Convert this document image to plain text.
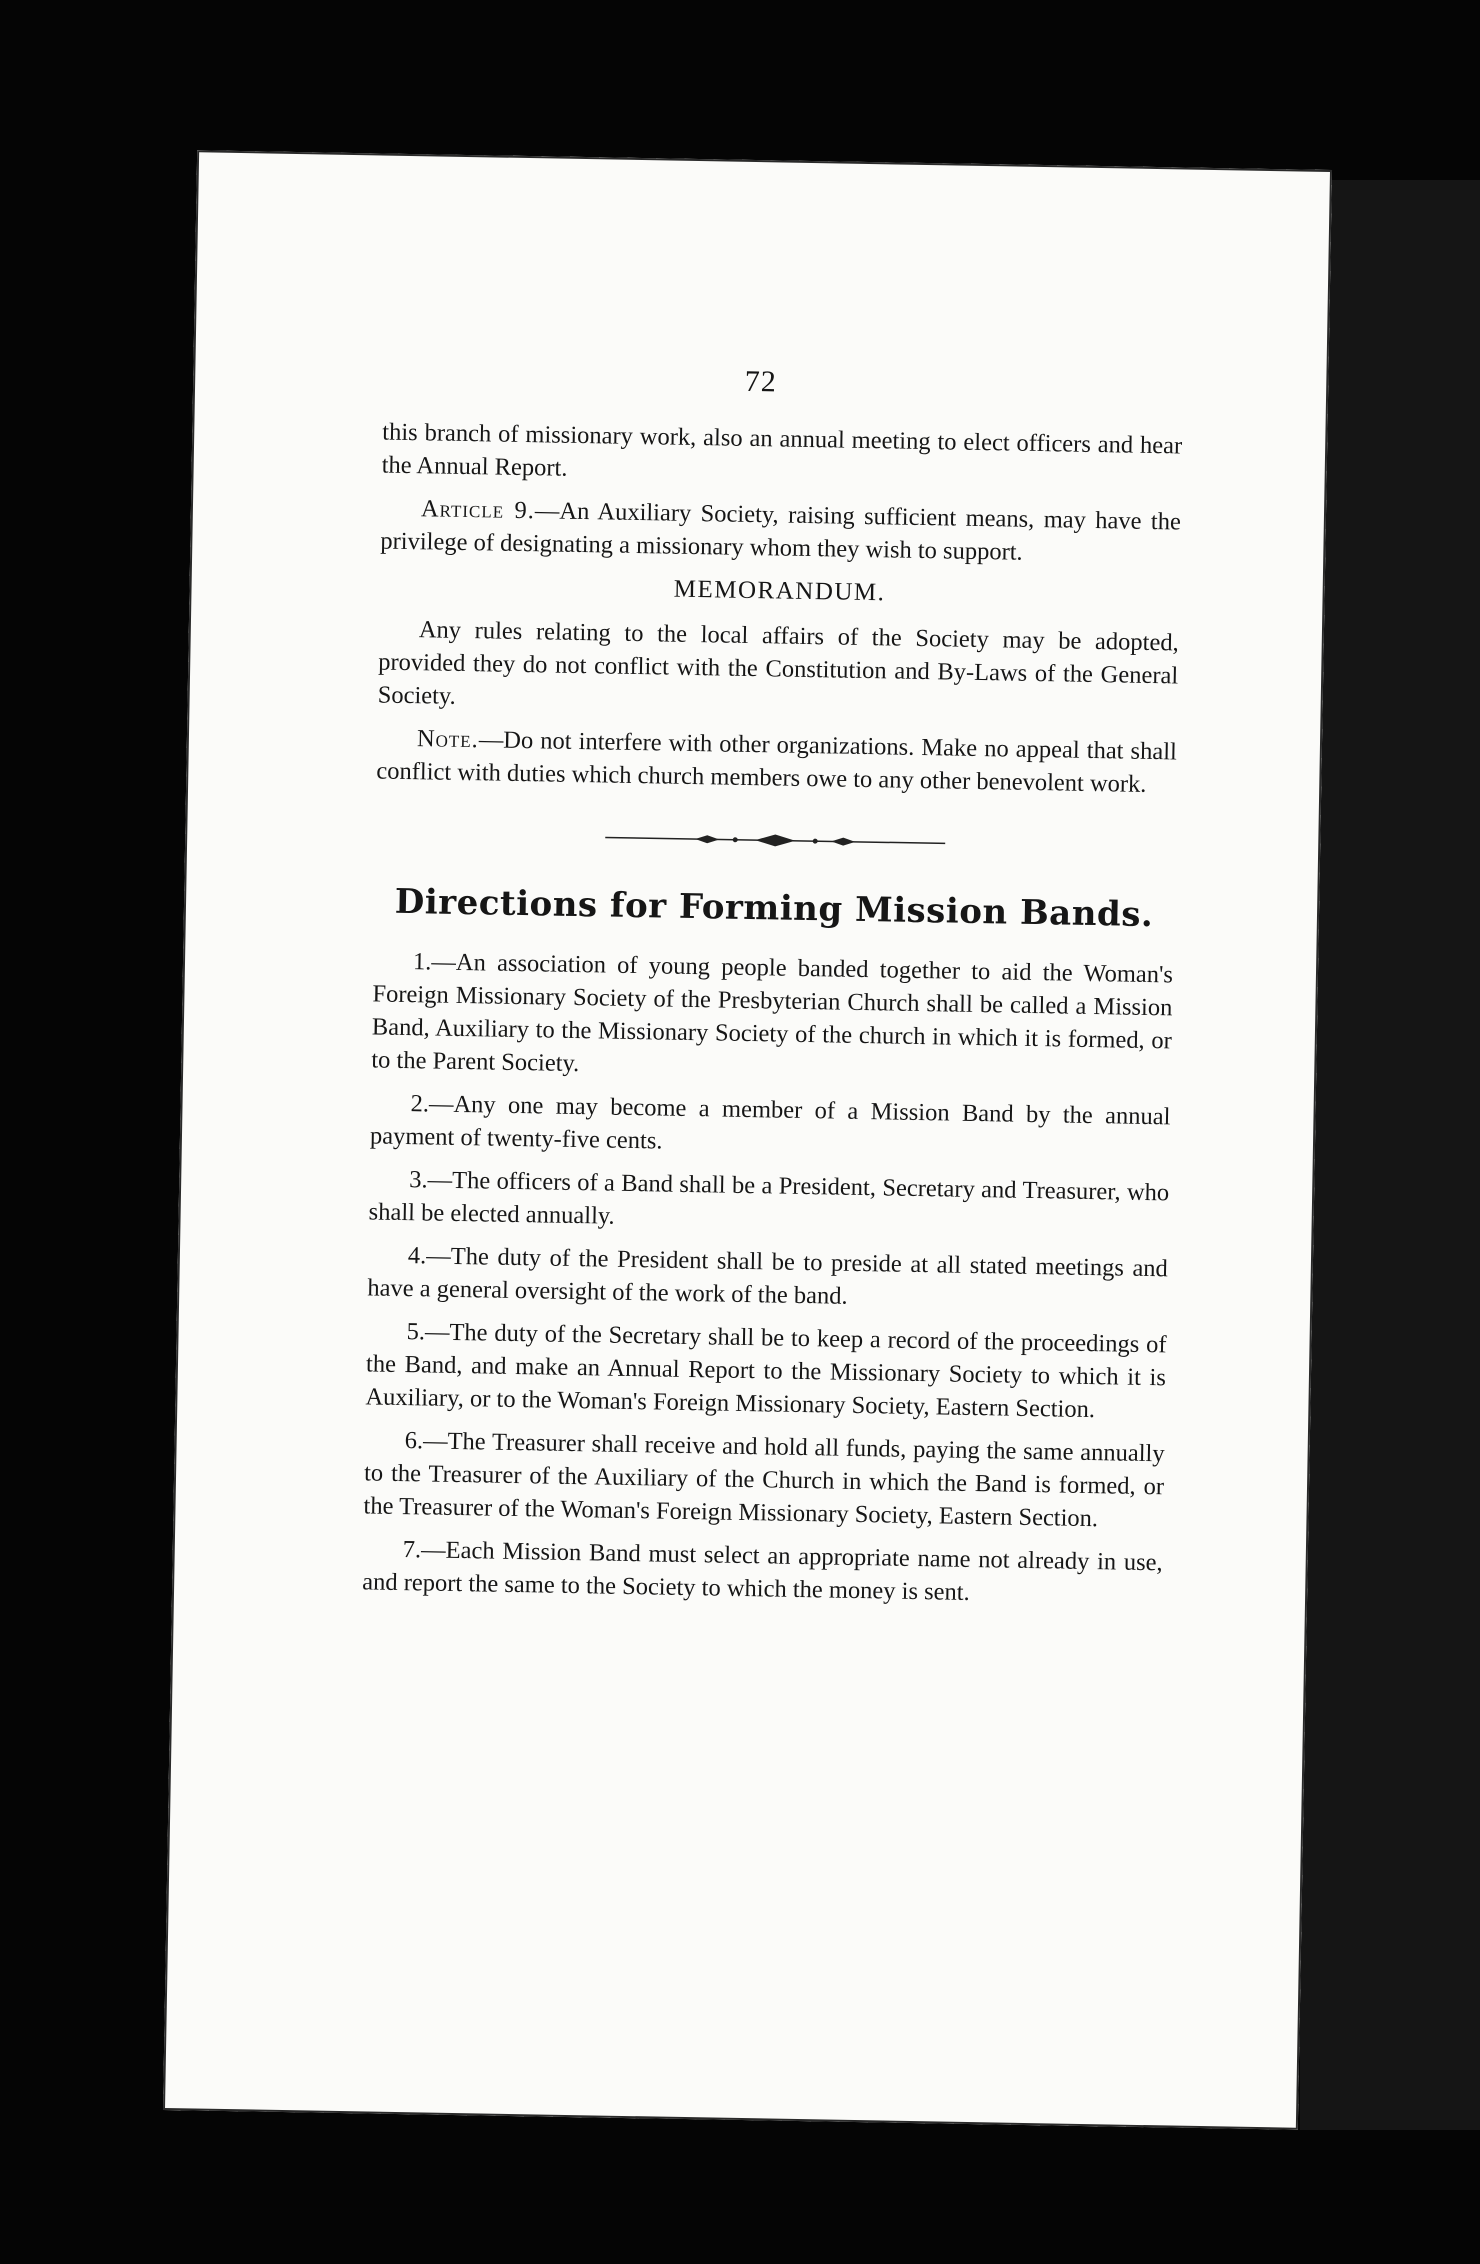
72

this branch of missionary work, also an annual meeting to elect officers and hear the Annual Report.

Article 9.—An Auxiliary Society, raising sufficient means, may have the privilege of designating a missionary whom they wish to support.

MEMORANDUM.

Any rules relating to the local affairs of the Society may be adopted, provided they do not conflict with the Constitution and By-Laws of the General Society.

Note.—Do not interfere with other organizations. Make no appeal that shall conflict with duties which church members owe to any other benevolent work.

Directions for Forming Mission Bands.

1.—An association of young people banded together to aid the Woman's Foreign Missionary Society of the Presbyterian Church shall be called a Mission Band, Auxiliary to the Missionary Society of the church in which it is formed, or to the Parent Society.

2.—Any one may become a member of a Mission Band by the annual payment of twenty-five cents.

3.—The officers of a Band shall be a President, Secretary and Treasurer, who shall be elected annually.

4.—The duty of the President shall be to preside at all stated meetings and have a general oversight of the work of the band.

5.—The duty of the Secretary shall be to keep a record of the proceedings of the Band, and make an Annual Report to the Missionary Society to which it is Auxiliary, or to the Woman's Foreign Missionary Society, Eastern Section.

6.—The Treasurer shall receive and hold all funds, paying the same annually to the Treasurer of the Auxiliary of the Church in which the Band is formed, or the Treasurer of the Woman's Foreign Missionary Society, Eastern Section.

7.—Each Mission Band must select an appropriate name not already in use, and report the same to the Society to which the money is sent.
